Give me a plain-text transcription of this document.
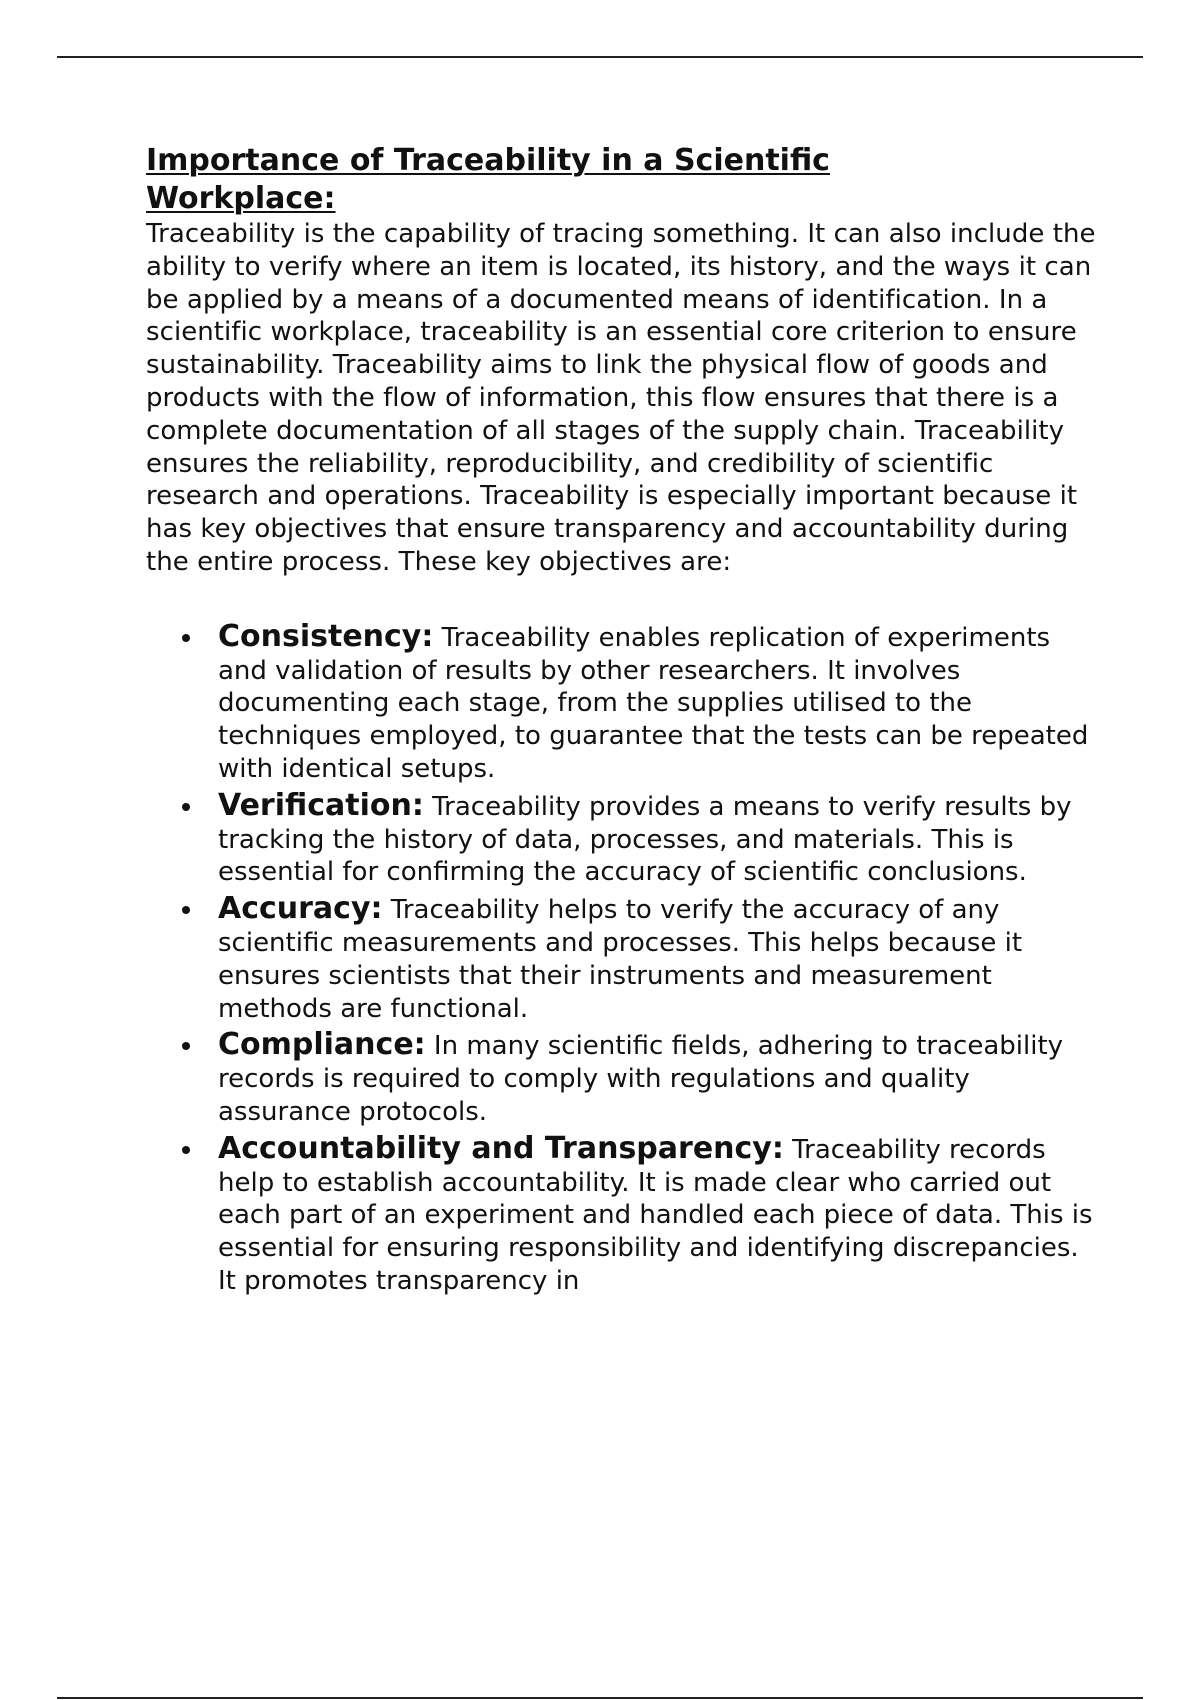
Importance of Traceability in a Scientific Workplace:

Traceability is the capability of tracing something. It can also include the ability to verify where an item is located, its history, and the ways it can be applied by a means of a documented means of identification. In a scientific workplace, traceability is an essential core criterion to ensure sustainability. Traceability aims to link the physical flow of goods and products with the flow of information, this flow ensures that there is a complete documentation of all stages of the supply chain. Traceability ensures the reliability, reproducibility, and credibility of scientific research and operations. Traceability is especially important because it has key objectives that ensure transparency and accountability during the entire process. These key objectives are:

Consistency: Traceability enables replication of experiments and validation of results by other researchers. It involves documenting each stage, from the supplies utilised to the techniques employed, to guarantee that the tests can be repeated with identical setups.
Verification: Traceability provides a means to verify results by tracking the history of data, processes, and materials. This is essential for confirming the accuracy of scientific conclusions.
Accuracy: Traceability helps to verify the accuracy of any scientific measurements and processes. This helps because it ensures scientists that their instruments and measurement methods are functional.
Compliance: In many scientific fields, adhering to traceability records is required to comply with regulations and quality assurance protocols.
Accountability and Transparency: Traceability records help to establish accountability. It is made clear who carried out each part of an experiment and handled each piece of data. This is essential for ensuring responsibility and identifying discrepancies. It promotes transparency in
